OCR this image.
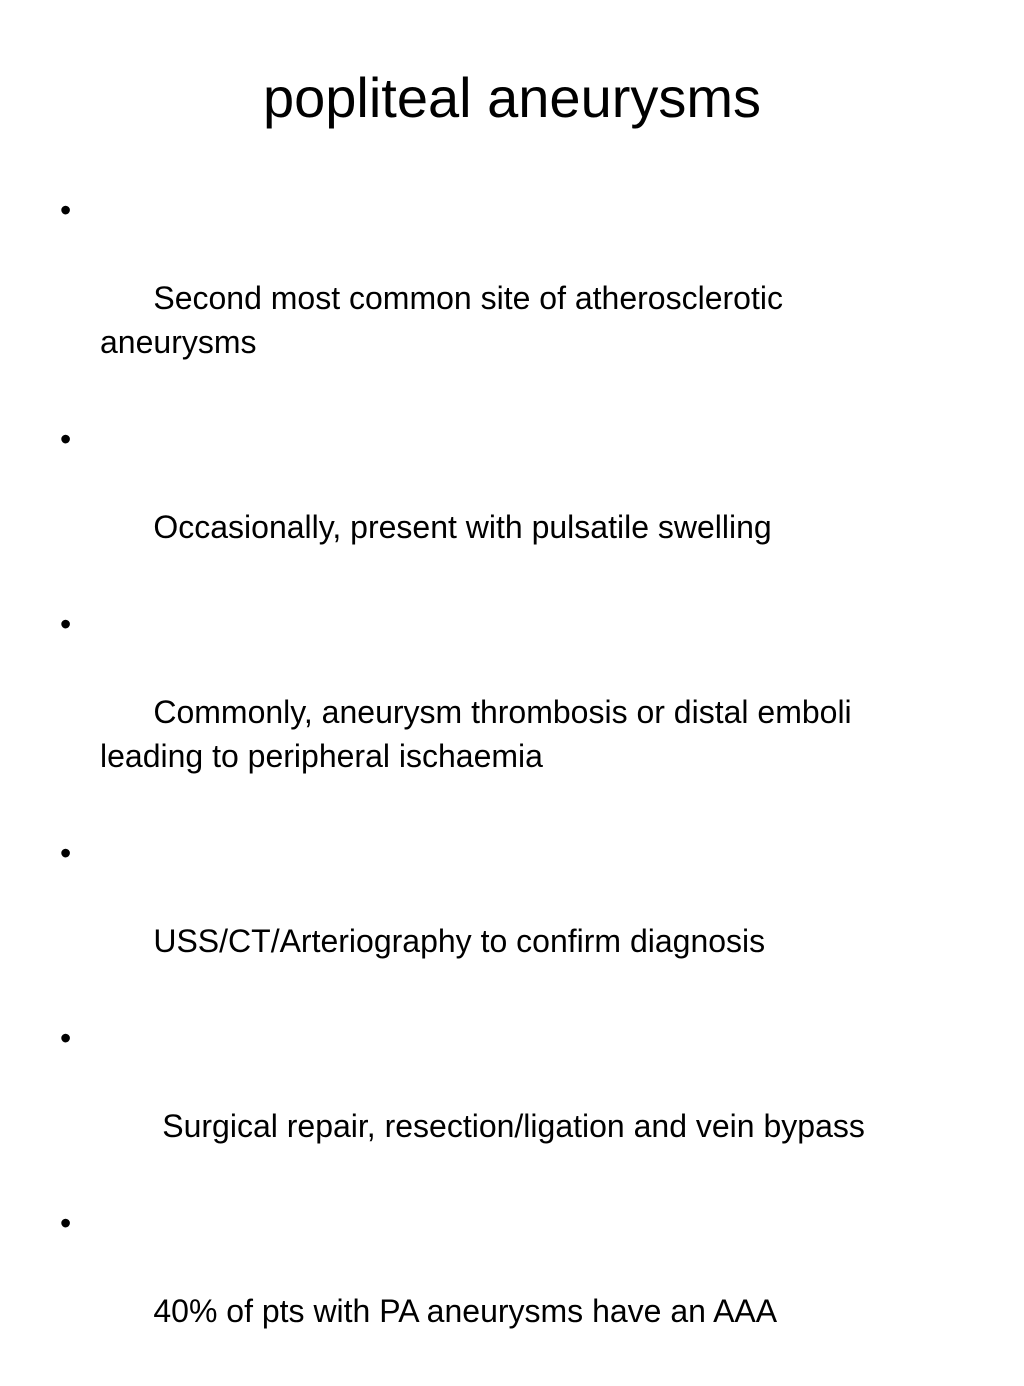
popliteal aneurysms

•

Second most common site of atherosclerotic aneurysms

•

Occasionally, present with pulsatile swelling

•

Commonly, aneurysm thrombosis or distal emboli leading to peripheral ischaemia

•

USS/CT/Arteriography to confirm diagnosis

•

Surgical repair, resection/ligation and vein bypass

•

40% of pts with PA aneurysms have an AAA
